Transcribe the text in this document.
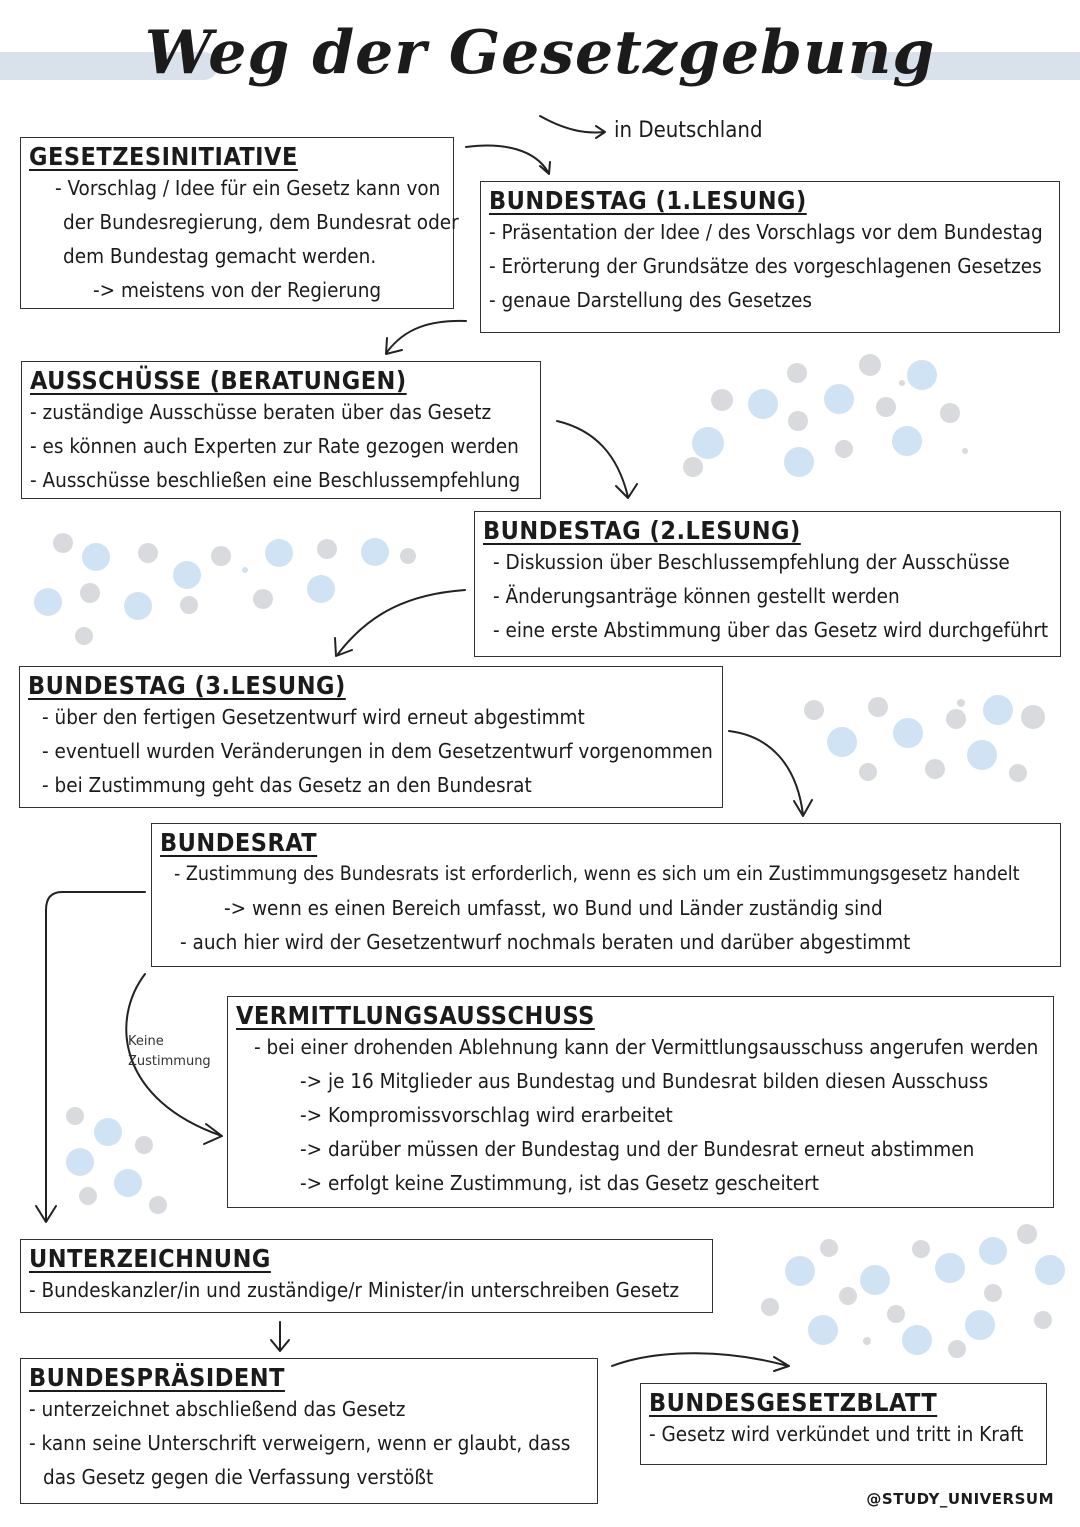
Weg der Gesetzgebung
in Deutschland
GESETZESINITIATIVE
- Vorschlag / Idee für ein Gesetz kann von
der Bundesregierung, dem Bundesrat oder
dem Bundestag gemacht werden.
-> meistens von der Regierung
BUNDESTAG (1.LESUNG)
- Präsentation der Idee / des Vorschlags vor dem Bundestag
- Erörterung der Grundsätze des vorgeschlagenen Gesetzes
- genaue Darstellung des Gesetzes
AUSSCHÜSSE (BERATUNGEN)
- zuständige Ausschüsse beraten über das Gesetz
- es können auch Experten zur Rate gezogen werden
- Ausschüsse beschließen eine Beschlussempfehlung
BUNDESTAG (2.LESUNG)
- Diskussion über Beschlussempfehlung der Ausschüsse
- Änderungsanträge können gestellt werden
- eine erste Abstimmung über das Gesetz wird durchgeführt
BUNDESTAG (3.LESUNG)
- über den fertigen Gesetzentwurf wird erneut abgestimmt
- eventuell wurden Veränderungen in dem Gesetzentwurf vorgenommen
- bei Zustimmung geht das Gesetz an den Bundesrat
BUNDESRAT
- Zustimmung des Bundesrats ist erforderlich, wenn es sich um ein Zustimmungsgesetz handelt
-> wenn es einen Bereich umfasst, wo Bund und Länder zuständig sind
- auch hier wird der Gesetzentwurf nochmals beraten und darüber abgestimmt
Keine
Zustimmung
VERMITTLUNGSAUSSCHUSS
- bei einer drohenden Ablehnung kann der Vermittlungsausschuss angerufen werden
-> je 16 Mitglieder aus Bundestag und Bundesrat bilden diesen Ausschuss
-> Kompromissvorschlag wird erarbeitet
-> darüber müssen der Bundestag und der Bundesrat erneut abstimmen
-> erfolgt keine Zustimmung, ist das Gesetz gescheitert
UNTERZEICHNUNG
- Bundeskanzler/in und zuständige/r Minister/in unterschreiben Gesetz
BUNDESPRÄSIDENT
- unterzeichnet abschließend das Gesetz
- kann seine Unterschrift verweigern, wenn er glaubt, dass
das Gesetz gegen die Verfassung verstößt
BUNDESGESETZBLATT
- Gesetz wird verkündet und tritt in Kraft
@STUDY_UNIVERSUM
